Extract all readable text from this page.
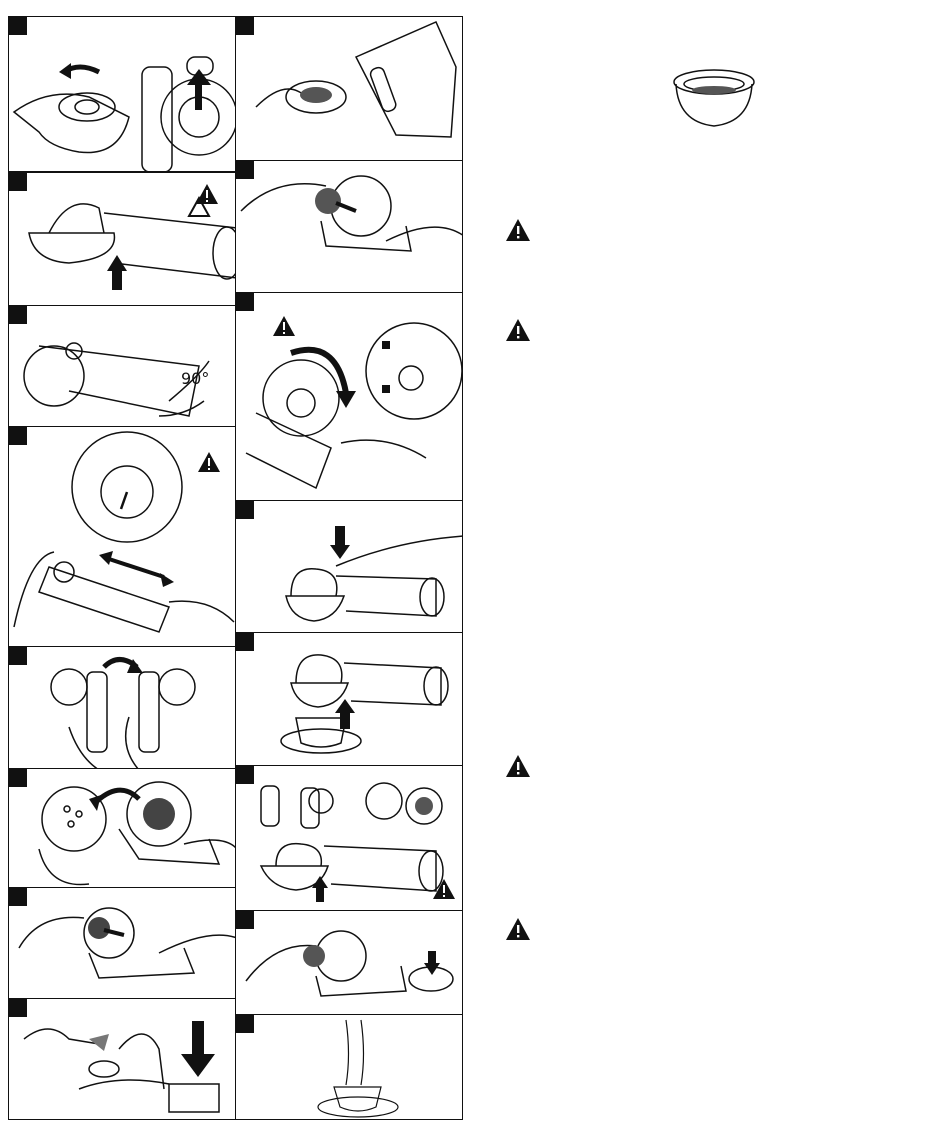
90°
